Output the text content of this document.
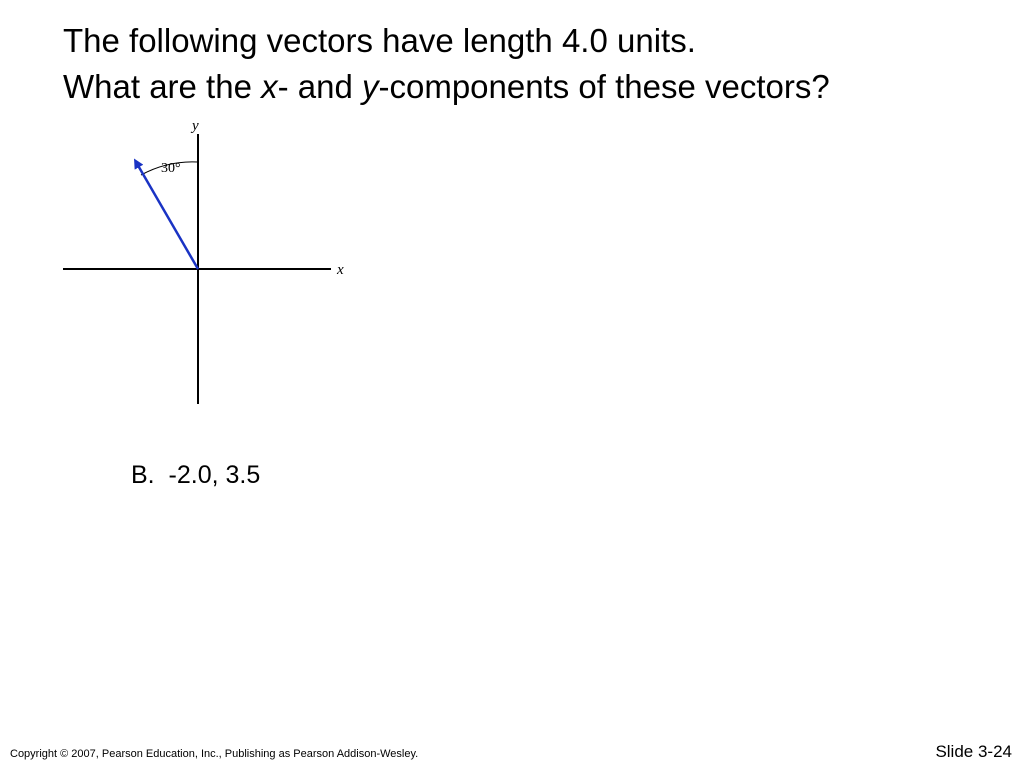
The following vectors have length 4.0 units.
What are the x- and y-components of these vectors?
x
y
30°
B. -2.0, 3.5
Copyright © 2007, Pearson Education, Inc., Publishing as Pearson Addison-Wesley.	Slide 3-24
